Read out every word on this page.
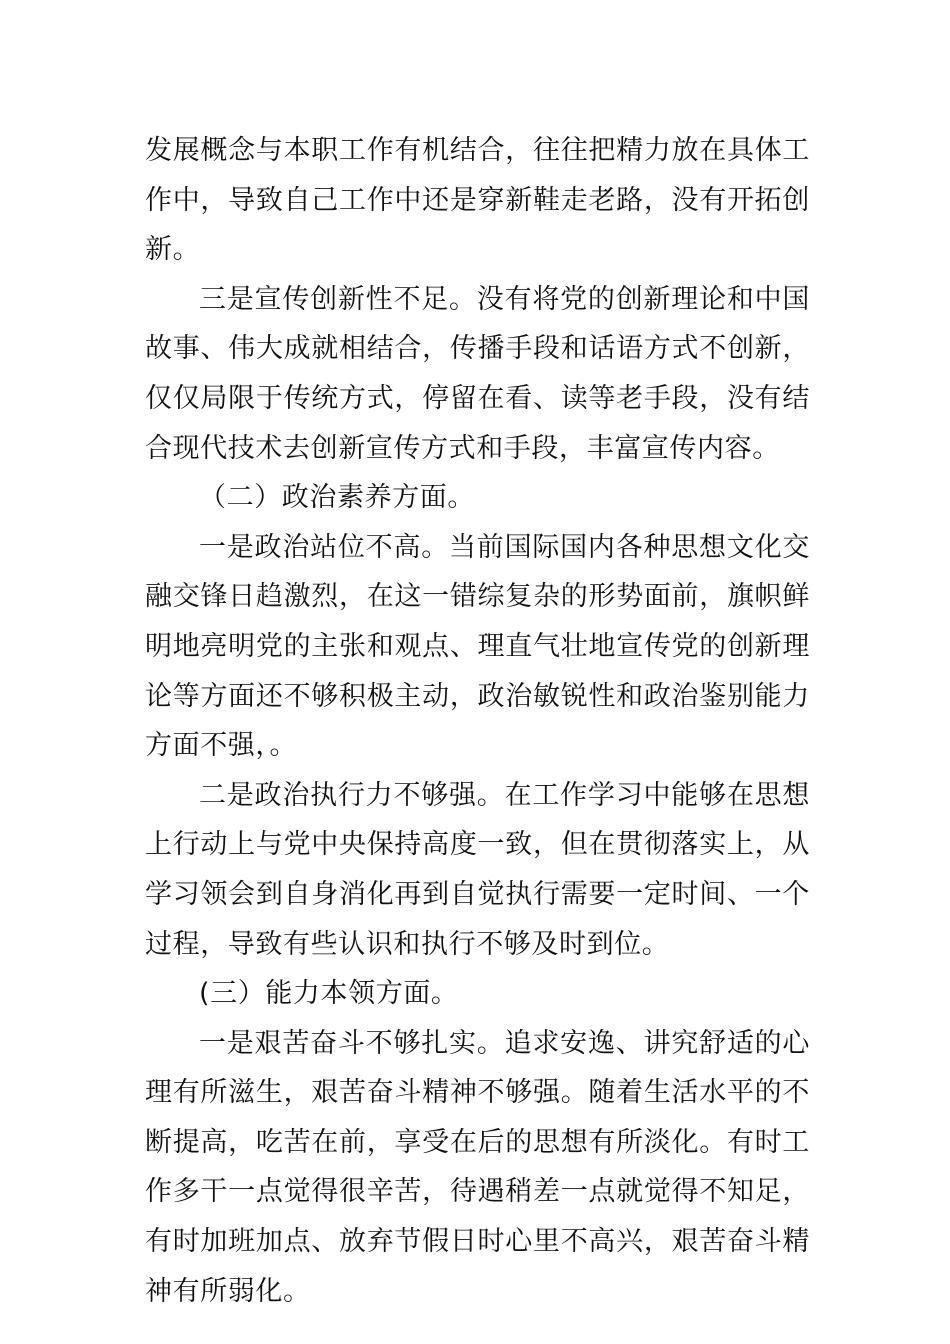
发展概念与本职工作有机结合，往往把精力放在具体工作中，导致自己工作中还是穿新鞋走老路，没有开拓创新。

三是宣传创新性不足。没有将党的创新理论和中国故事、伟大成就相结合，传播手段和话语方式不创新，仅仅局限于传统方式，停留在看、读等老手段，没有结合现代技术去创新宣传方式和手段，丰富宣传内容。

（二）政治素养方面。

一是政治站位不高。当前国际国内各种思想文化交融交锋日趋激烈，在这一错综复杂的形势面前，旗帜鲜明地亮明党的主张和观点、理直气壮地宣传党的创新理论等方面还不够积极主动，政治敏锐性和政治鉴别能力方面不强，。

二是政治执行力不够强。在工作学习中能够在思想上行动上与党中央保持高度一致，但在贯彻落实上，从学习领会到自身消化再到自觉执行需要一定时间、一个过程，导致有些认识和执行不够及时到位。

(三）能力本领方面。

一是艰苦奋斗不够扎实。追求安逸、讲究舒适的心理有所滋生，艰苦奋斗精神不够强。随着生活水平的不断提高，吃苦在前，享受在后的思想有所淡化。有时工作多干一点觉得很辛苦，待遇稍差一点就觉得不知足，有时加班加点、放弃节假日时心里不高兴，艰苦奋斗精神有所弱化。
